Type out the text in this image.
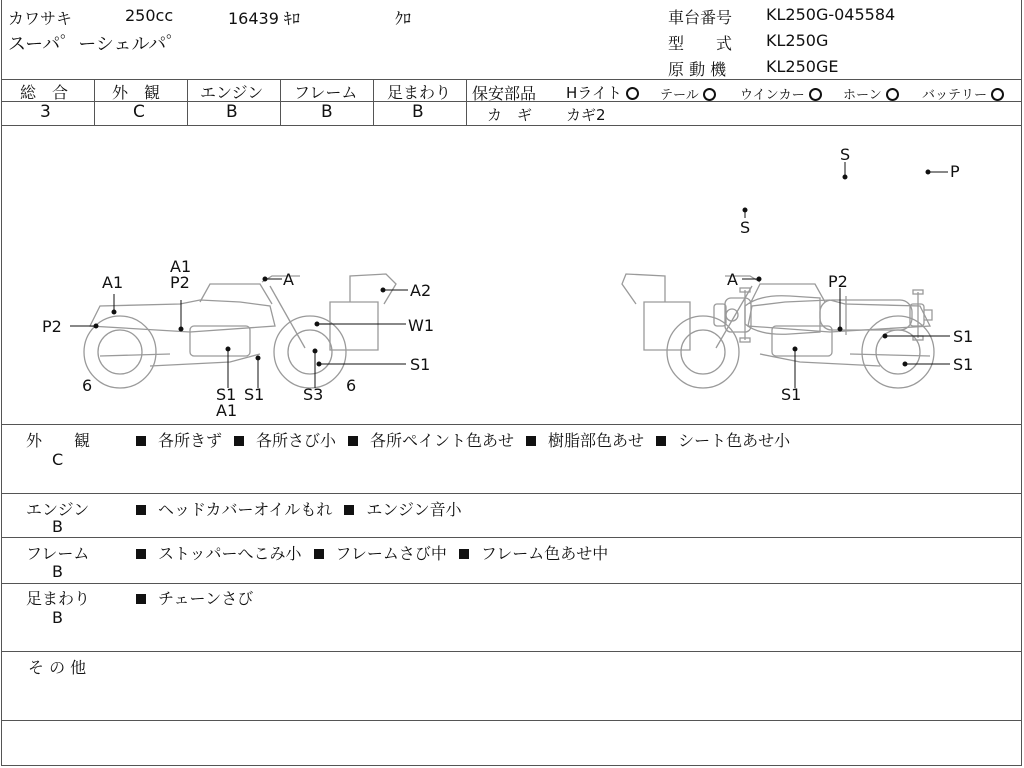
カワサキ	250cc	16439 ｷﾛ	ｸﾛ
スーパ゜ーシェルパ゜
車台番号 KL250G-045584
型　　式 KL250G
原 動 機 KL250GE
総　合
3
外　観
C
エンジン
B
フレーム
B
足まわり
B
保安部品 Hライト	テール	ウインカー	ホーン	バッテリー
カ　ギ カギ2
S
P
S
A1
P2
A1	A
P2
A2
W1
S1
6	S1 S1
A1
S3 6
A	P2
S1
S1
S1
外　　観
C
各所きず 各所さび小 各所ペイント色あせ 樹脂部色あせ シート色あせ小
エンジン
B
ヘッドカバーオイルもれ エンジン音小
フレーム
B
ストッパーへこみ小 フレームさび中 フレーム色あせ中
足まわり
B
チェーンさび
そ の 他
